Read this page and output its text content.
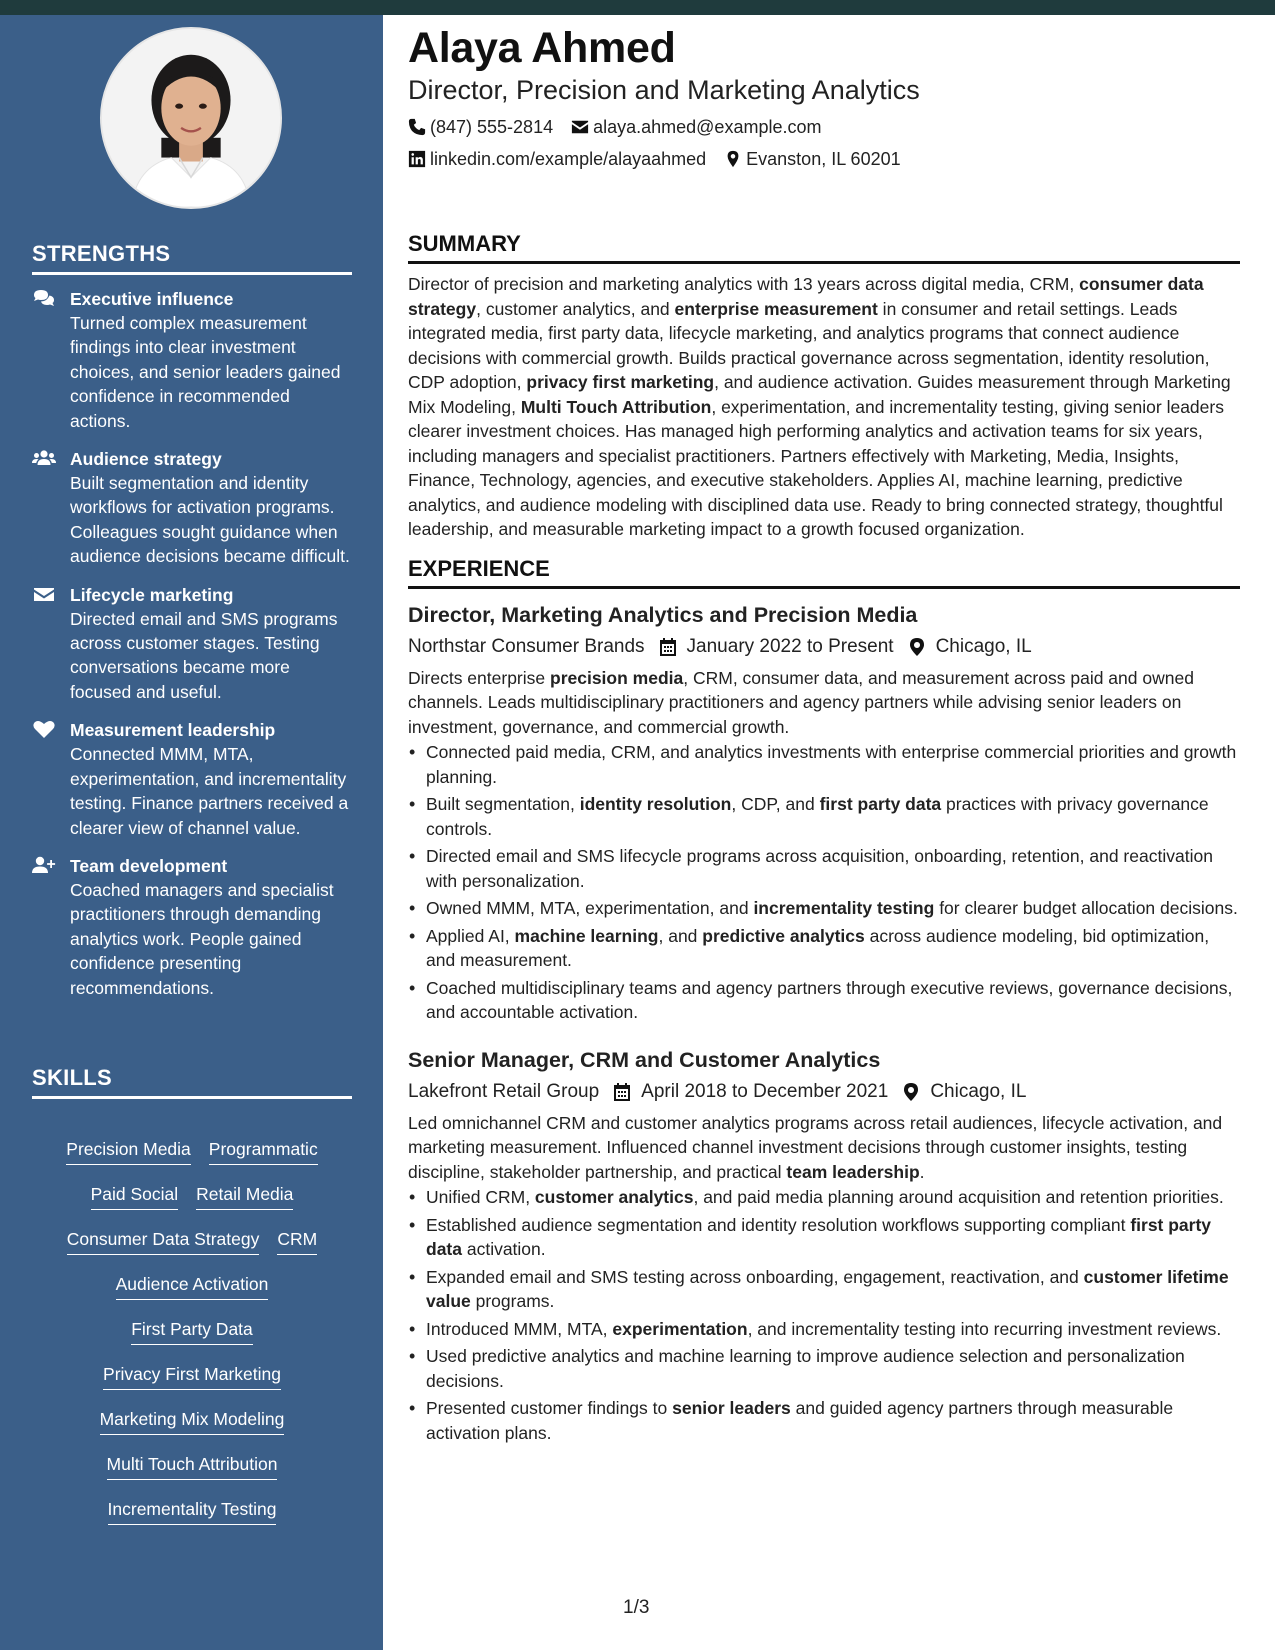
STRENGTHS
Executive influence
Turned complex measurement findings into clear investment choices, and senior leaders gained confidence in recommended actions.
Audience strategy
Built segmentation and identity workflows for activation programs. Colleagues sought guidance when audience decisions became difficult.
Lifecycle marketing
Directed email and SMS programs across customer stages. Testing conversations became more focused and useful.
Measurement leadership
Connected MMM, MTA, experimentation, and incrementality testing. Finance partners received a clearer view of channel value.
Team development
Coached managers and specialist practitioners through demanding analytics work. People gained confidence presenting recommendations.
SKILLS
Precision Media Programmatic
Paid Social Retail Media
Consumer Data Strategy CRM
Audience Activation
First Party Data
Privacy First Marketing
Marketing Mix Modeling
Multi Touch Attribution
Incrementality Testing
Alaya Ahmed
Director, Precision and Marketing Analytics
(847) 555-2814 alaya.ahmed@example.com
linkedin.com/example/alayaahmed Evanston, IL 60201
SUMMARY

Director of precision and marketing analytics with 13 years across digital media, CRM, consumer data strategy, customer analytics, and enterprise measurement in consumer and retail settings. Leads integrated media, first party data, lifecycle marketing, and analytics programs that connect audience decisions with commercial growth. Builds practical governance across segmentation, identity resolution, CDP adoption, privacy first marketing, and audience activation. Guides measurement through Marketing Mix Modeling, Multi Touch Attribution, experimentation, and incrementality testing, giving senior leaders clearer investment choices. Has managed high performing analytics and activation teams for six years, including managers and specialist practitioners. Partners effectively with Marketing, Media, Insights, Finance, Technology, agencies, and executive stakeholders. Applies AI, machine learning, predictive analytics, and audience modeling with disciplined data use. Ready to bring connected strategy, thoughtful leadership, and measurable marketing impact to a growth focused organization.

EXPERIENCE
Director, Marketing Analytics and Precision Media
Northstar Consumer Brands January 2022 to Present Chicago, IL

Directs enterprise precision media, CRM, consumer data, and measurement across paid and owned channels. Leads multidisciplinary practitioners and agency partners while advising senior leaders on investment, governance, and commercial growth.

• Connected paid media, CRM, and analytics investments with enterprise commercial priorities and growth planning.
• Built segmentation, identity resolution, CDP, and first party data practices with privacy governance controls.
• Directed email and SMS lifecycle programs across acquisition, onboarding, retention, and reactivation with personalization.
• Owned MMM, MTA, experimentation, and incrementality testing for clearer budget allocation decisions.
• Applied AI, machine learning, and predictive analytics across audience modeling, bid optimization, and measurement.
• Coached multidisciplinary teams and agency partners through executive reviews, governance decisions, and accountable activation.
Senior Manager, CRM and Customer Analytics
Lakefront Retail Group April 2018 to December 2021 Chicago, IL

Led omnichannel CRM and customer analytics programs across retail audiences, lifecycle activation, and marketing measurement. Influenced channel investment decisions through customer insights, testing discipline, stakeholder partnership, and practical team leadership.

• Unified CRM, customer analytics, and paid media planning around acquisition and retention priorities.
• Established audience segmentation and identity resolution workflows supporting compliant first party data activation.
• Expanded email and SMS testing across onboarding, engagement, reactivation, and customer lifetime value programs.
• Introduced MMM, MTA, experimentation, and incrementality testing into recurring investment reviews.
• Used predictive analytics and machine learning to improve audience selection and personalization decisions.
• Presented customer findings to senior leaders and guided agency partners through measurable activation plans.
1/3
